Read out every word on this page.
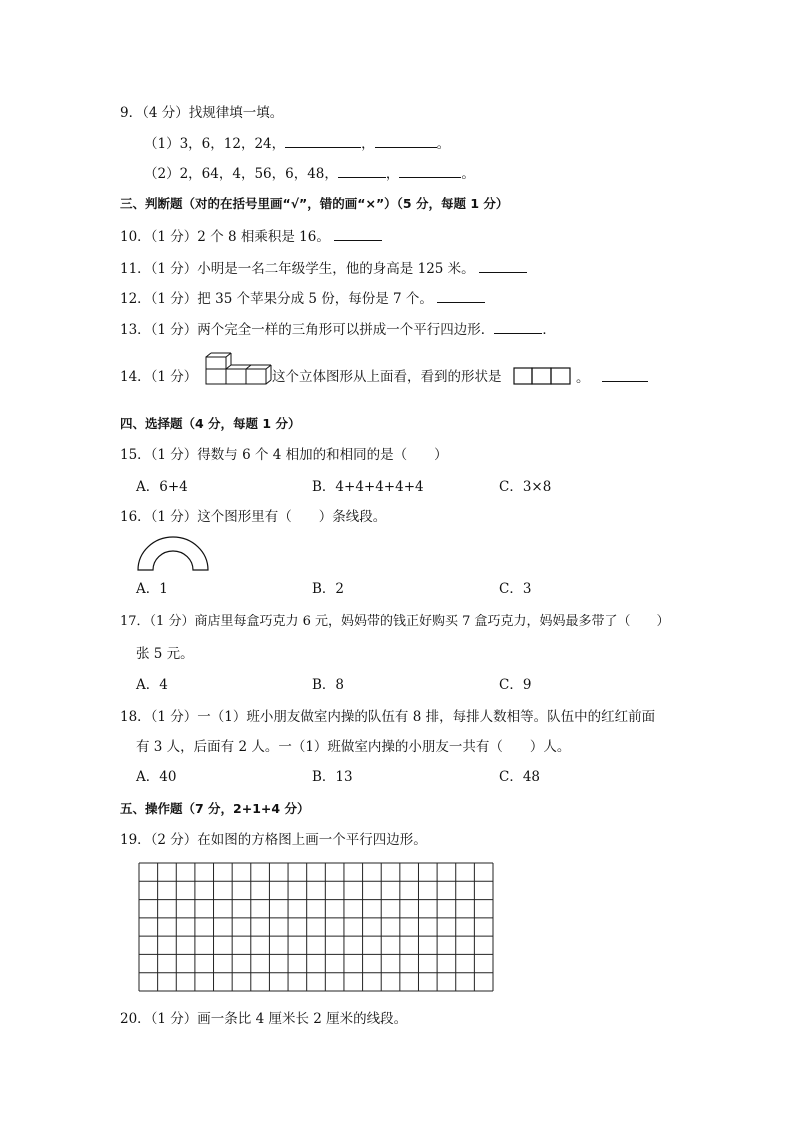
9．（4 分）找规律填一填。
（1）3，6，12，24，	，	。
（2）2，64，4，56，6，48，	，	。
三、判断题（对的在括号里画“√”，错的画“×”）（5 分，每题 1 分）
10．（1 分）2 个 8 相乘积是 16。
11．（1 分）小明是一名二年级学生，他的身高是 125 米。
12．（1 分）把 35 个苹果分成 5 份，每份是 7 个。
13．（1 分）两个完全一样的三角形可以拼成一个平行四边形．	．
14．（1 分）	这个立体图形从上面看，看到的形状是	。
四、选择题（4 分，每题 1 分）
15．（1 分）得数与 6 个 4 相加的和相同的是（　　）
A．6+4	B．4+4+4+4+4	C．3×8
16．（1 分）这个图形里有（　　）条线段。
A．1	B．2	C．3
17．（1 分）商店里每盒巧克力 6 元，妈妈带的钱正好购买 7 盒巧克力，妈妈最多带了（　　）
张 5 元。
A．4	B．8	C．9
18．（1 分）一（1）班小朋友做室内操的队伍有 8 排，每排人数相等。队伍中的红红前面
有 3 人，后面有 2 人。一（1）班做室内操的小朋友一共有（　　）人。
A．40	B．13	C．48
五、操作题（7 分，2+1+4 分）
19．（2 分）在如图的方格图上画一个平行四边形。
20．（1 分）画一条比 4 厘米长 2 厘米的线段。
